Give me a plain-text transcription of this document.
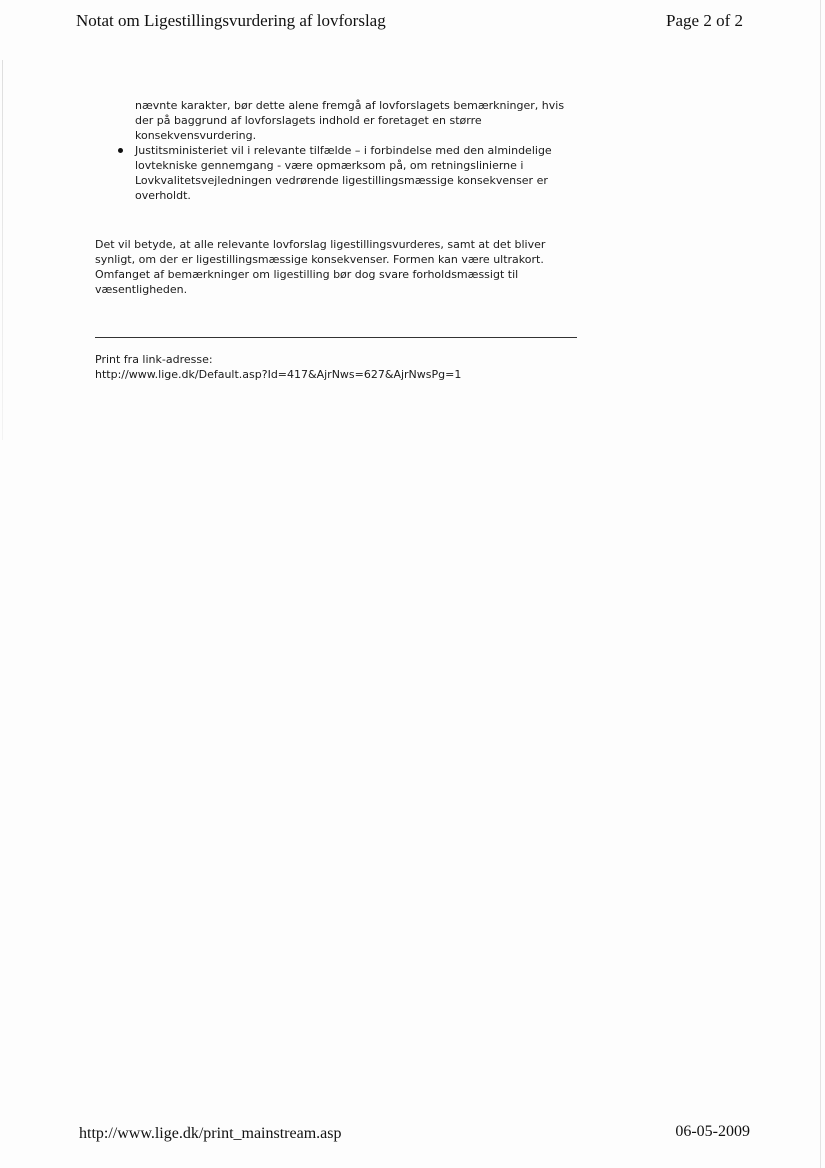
Notat om Ligestillingsvurdering af lovforslag	Page 2 of 2

nævnte karakter, bør dette alene fremgå af lovforslagets bemærkninger, hvis der på baggrund af lovforslagets indhold er foretaget en større konsekvensvurdering.

Justitsministeriet vil i relevante tilfælde – i forbindelse med den almindelige lovtekniske gennemgang - være opmærksom på, om retningslinierne i Lovkvalitetsvejledningen vedrørende ligestillingsmæssige konsekvenser er overholdt.

Det vil betyde, at alle relevante lovforslag ligestillingsvurderes, samt at det bliver synligt, om der er ligestillingsmæssige konsekvenser. Formen kan være ultrakort. Omfanget af bemærkninger om ligestilling bør dog svare forholdsmæssigt til væsentligheden.

Print fra link-adresse:
http://www.lige.dk/Default.asp?Id=417&AjrNws=627&AjrNwsPg=1
http://www.lige.dk/print_mainstream.asp	06-05-2009
